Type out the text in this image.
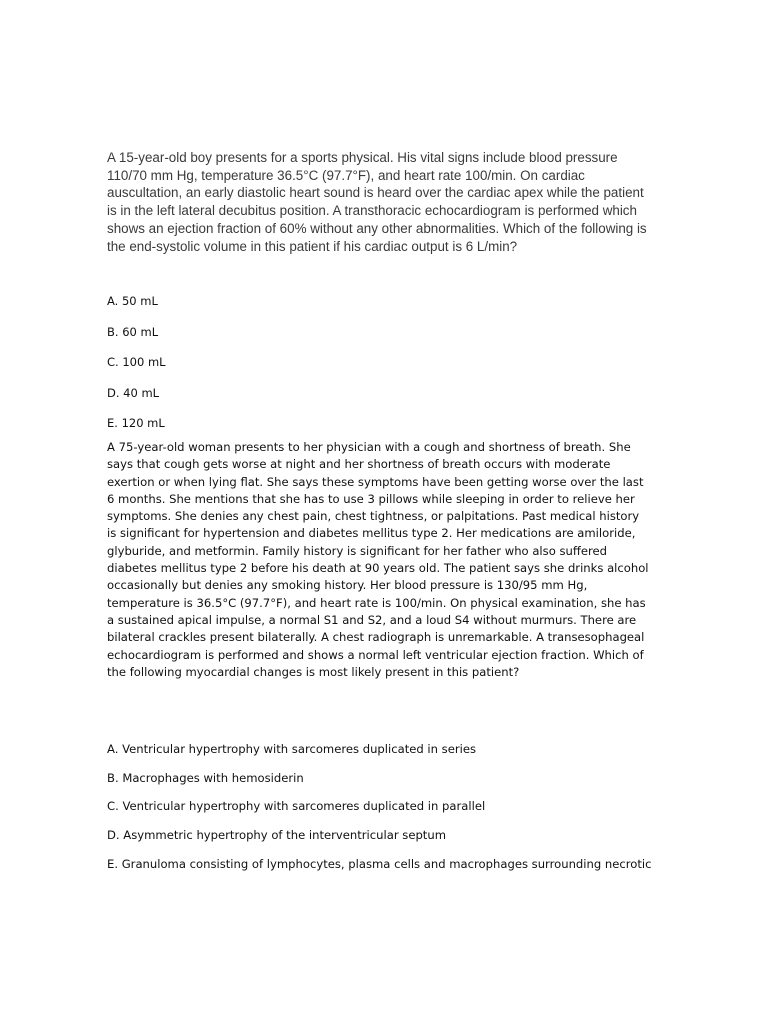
A 15-year-old boy presents for a sports physical. His vital signs include blood pressure 110/70 mm Hg, temperature 36.5°C (97.7°F), and heart rate 100/min. On cardiac auscultation, an early diastolic heart sound is heard over the cardiac apex while the patient is in the left lateral decubitus position. A transthoracic echocardiogram is performed which shows an ejection fraction of 60% without any other abnormalities. Which of the following is the end-systolic volume in this patient if his cardiac output is 6 L/min?

A. 50 mL
B. 60 mL
C. 100 mL
D. 40 mL
E. 120 mL

A 75-year-old woman presents to her physician with a cough and shortness of breath. She says that cough gets worse at night and her shortness of breath occurs with moderate exertion or when lying flat. She says these symptoms have been getting worse over the last 6 months. She mentions that she has to use 3 pillows while sleeping in order to relieve her symptoms. She denies any chest pain, chest tightness, or palpitations. Past medical history is significant for hypertension and diabetes mellitus type 2. Her medications are amiloride, glyburide, and metformin. Family history is significant for her father who also suffered diabetes mellitus type 2 before his death at 90 years old. The patient says she drinks alcohol occasionally but denies any smoking history. Her blood pressure is 130/95 mm Hg, temperature is 36.5°C (97.7°F), and heart rate is 100/min. On physical examination, she has a sustained apical impulse, a normal S1 and S2, and a loud S4 without murmurs. There are bilateral crackles present bilaterally. A chest radiograph is unremarkable. A transesophageal echocardiogram is performed and shows a normal left ventricular ejection fraction. Which of the following myocardial changes is most likely present in this patient?

A. Ventricular hypertrophy with sarcomeres duplicated in series
B. Macrophages with hemosiderin
C. Ventricular hypertrophy with sarcomeres duplicated in parallel
D. Asymmetric hypertrophy of the interventricular septum
E. Granuloma consisting of lymphocytes, plasma cells and macrophages surrounding necrotic
